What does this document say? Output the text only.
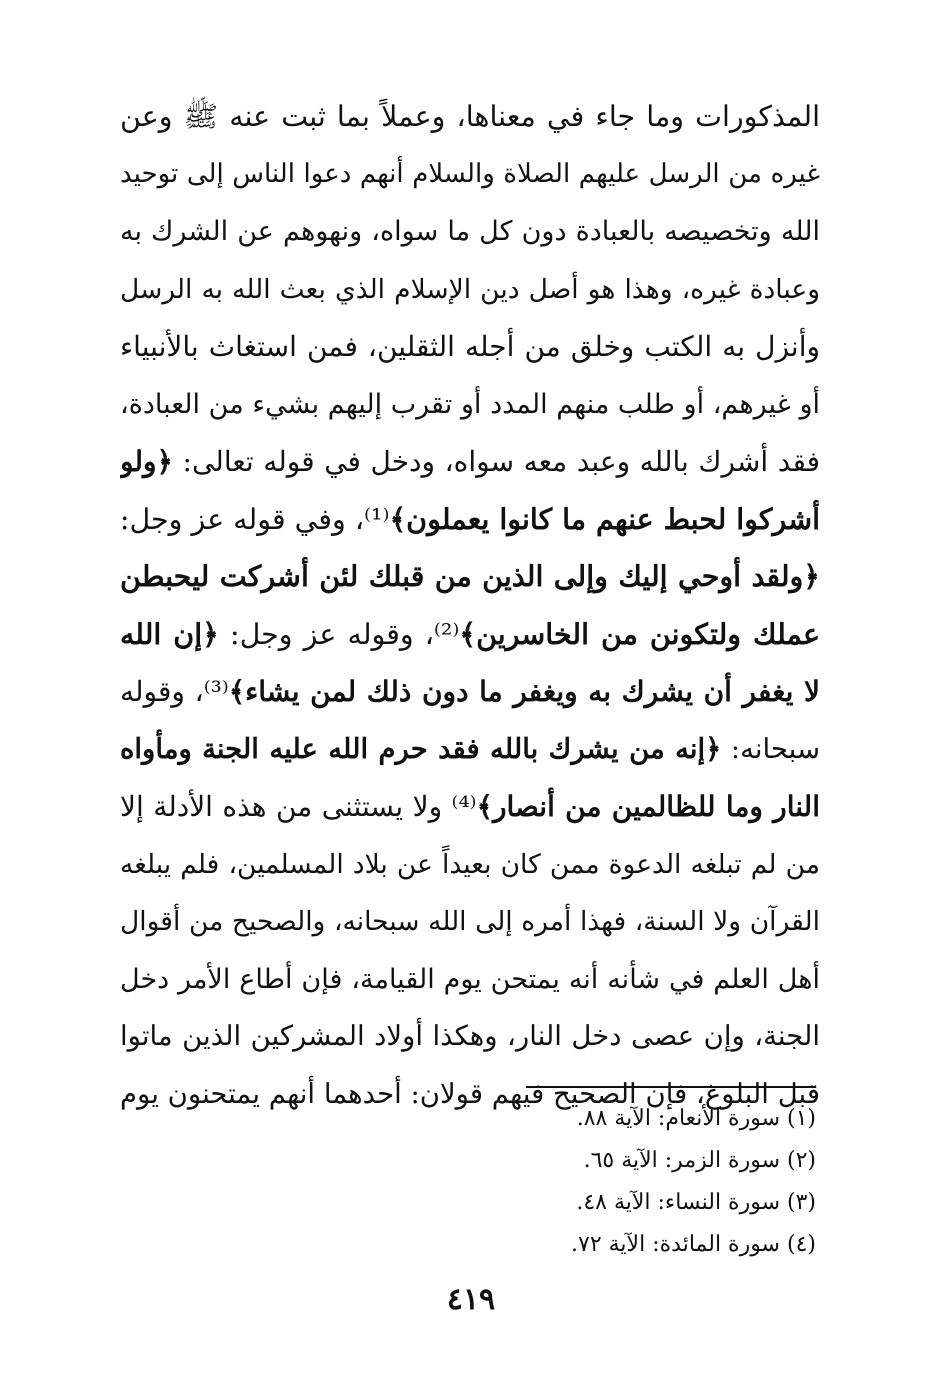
المذكورات وما جاء في معناها، وعملاً بما ثبت عنه ﷺ وعن
غيره من الرسل عليهم الصلاة والسلام أنهم دعوا الناس إلى توحيد
الله وتخصيصه بالعبادة دون كل ما سواه، ونهوهم عن الشرك به
وعبادة غيره، وهذا هو أصل دين الإسلام الذي بعث الله به الرسل
وأنزل به الكتب وخلق من أجله الثقلين، فمن استغاث بالأنبياء
أو غيرهم، أو طلب منهم المدد أو تقرب إليهم بشيء من العبادة،
فقد أشرك بالله وعبد معه سواه، ودخل في قوله تعالى: ﴿ولو
أشركوا لحبط عنهم ما كانوا يعملون﴾⁽¹⁾، وفي قوله عز وجل:
﴿ولقد أوحي إليك وإلى الذين من قبلك لئن أشركت ليحبطن
عملك ولتكونن من الخاسرين﴾⁽²⁾، وقوله عز وجل: ﴿إن الله
لا يغفر أن يشرك به ويغفر ما دون ذلك لمن يشاء﴾⁽³⁾، وقوله
سبحانه: ﴿إنه من يشرك بالله فقد حرم الله عليه الجنة ومأواه
النار وما للظالمين من أنصار﴾⁽⁴⁾ ولا يستثنى من هذه الأدلة إلا
من لم تبلغه الدعوة ممن كان بعيداً عن بلاد المسلمين، فلم يبلغه
القرآن ولا السنة، فهذا أمره إلى الله سبحانه، والصحيح من أقوال
أهل العلم في شأنه أنه يمتحن يوم القيامة، فإن أطاع الأمر دخل
الجنة، وإن عصى دخل النار، وهكذا أولاد المشركين الذين ماتوا
قبل البلوغ، فإن الصحيح فيهم قولان: أحدهما أنهم يمتحنون يوم
(١) سورة الأنعام: الآية ٨٨.
(٢) سورة الزمر: الآية ٦٥.
(٣) سورة النساء: الآية ٤٨.
(٤) سورة المائدة: الآية ٧٢.
٤١٩
